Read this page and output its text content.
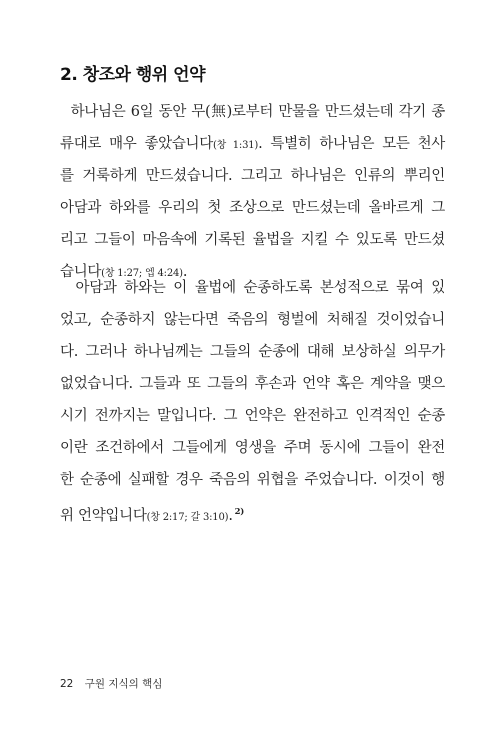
2. 창조와 행위 언약
하나님은 6일 동안 무(無)로부터 만물을 만드셨는데 각기 종
류대로 매우 좋았습니다(창 1:31). 특별히 하나님은 모든 천사
를 거룩하게 만드셨습니다. 그리고 하나님은 인류의 뿌리인
아담과 하와를 우리의 첫 조상으로 만드셨는데 올바르게 그
리고 그들이 마음속에 기록된 율법을 지킬 수 있도록 만드셨
습니다(창 1:27; 엡 4:24).
아담과 하와는 이 율법에 순종하도록 본성적으로 묶여 있
었고, 순종하지 않는다면 죽음의 형벌에 처해질 것이었습니
다. 그러나 하나님께는 그들의 순종에 대해 보상하실 의무가
없었습니다. 그들과 또 그들의 후손과 언약 혹은 계약을 맺으
시기 전까지는 말입니다. 그 언약은 완전하고 인격적인 순종
이란 조건하에서 그들에게 영생을 주며 동시에 그들이 완전
한 순종에 실패할 경우 죽음의 위협을 주었습니다. 이것이 행
위 언약입니다(창 2:17; 갈 3:10). $^{2)}$
22 구원 지식의 핵심
